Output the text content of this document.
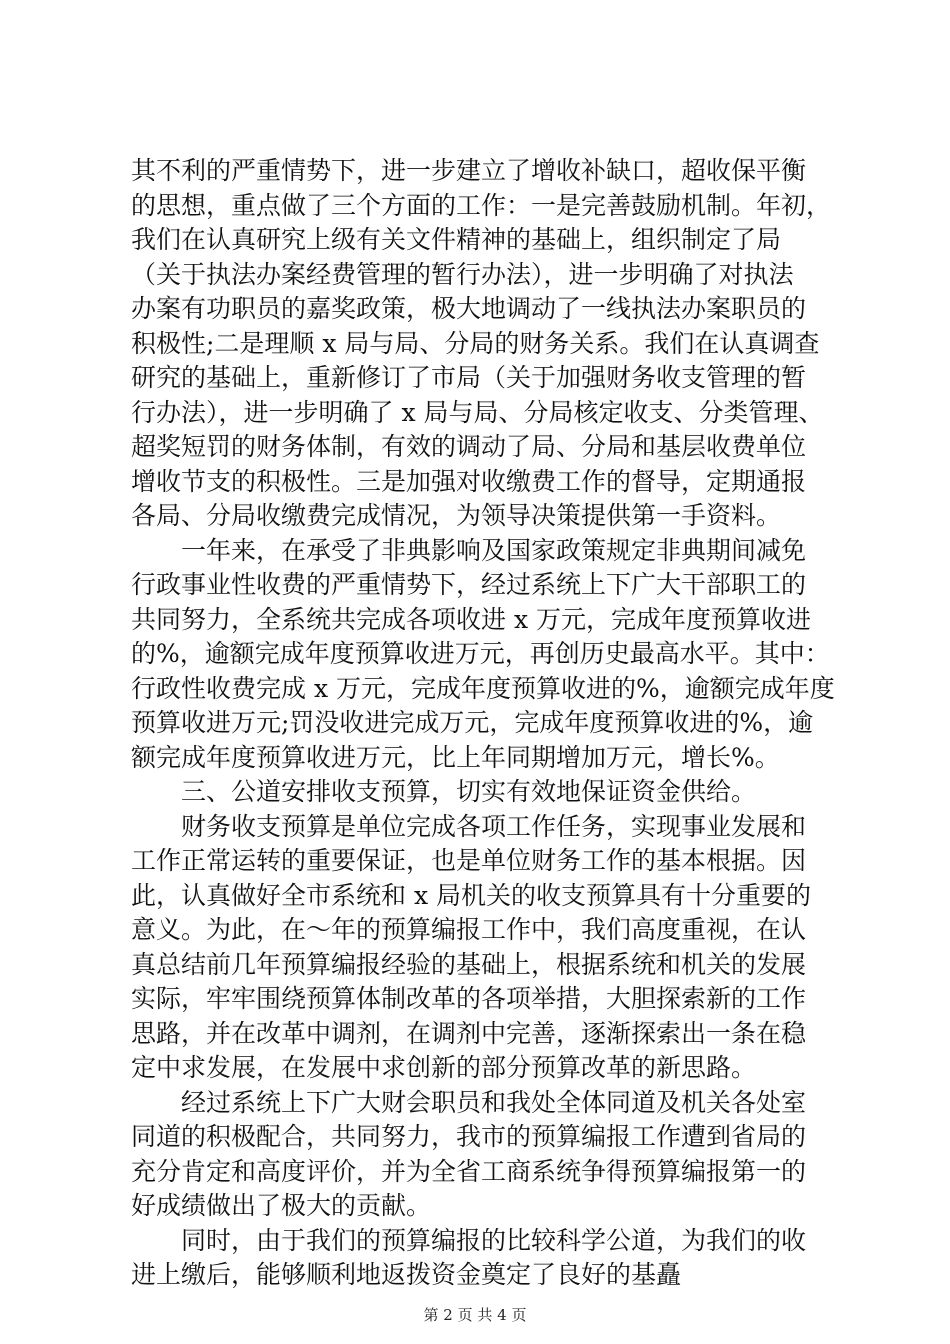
其不利的严重情势下，进一步建立了增收补缺口，超收保平衡
的思想，重点做了三个方面的工作：一是完善鼓励机制。年初，
我们在认真研究上级有关文件精神的基础上，组织制定了局
（关于执法办案经费管理的暂行办法），进一步明确了对执法
办案有功职员的嘉奖政策，极大地调动了一线执法办案职员的
积极性;二是理顺 x 局与局、分局的财务关系。我们在认真调查
研究的基础上，重新修订了市局（关于加强财务收支管理的暂
行办法），进一步明确了 x 局与局、分局核定收支、分类管理、
超奖短罚的财务体制，有效的调动了局、分局和基层收费单位
增收节支的积极性。三是加强对收缴费工作的督导，定期通报
各局、分局收缴费完成情况，为领导决策提供第一手资料。
一年来，在承受了非典影响及国家政策规定非典期间减免
行政事业性收费的严重情势下，经过系统上下广大干部职工的
共同努力，全系统共完成各项收进 x 万元，完成年度预算收进
的%，逾额完成年度预算收进万元，再创历史最高水平。其中：
行政性收费完成 x 万元，完成年度预算收进的%，逾额完成年度
预算收进万元;罚没收进完成万元，完成年度预算收进的%，逾
额完成年度预算收进万元，比上年同期增加万元，增长%。
三、公道安排收支预算，切实有效地保证资金供给。
财务收支预算是单位完成各项工作任务，实现事业发展和
工作正常运转的重要保证，也是单位财务工作的基本根据。因
此，认真做好全市系统和 x 局机关的收支预算具有十分重要的
意义。为此，在～年的预算编报工作中，我们高度重视，在认
真总结前几年预算编报经验的基础上，根据系统和机关的发展
实际，牢牢围绕预算体制改革的各项举措，大胆探索新的工作
思路，并在改革中调剂，在调剂中完善，逐渐探索出一条在稳
定中求发展，在发展中求创新的部分预算改革的新思路。
经过系统上下广大财会职员和我处全体同道及机关各处室
同道的积极配合，共同努力，我市的预算编报工作遭到省局的
充分肯定和高度评价，并为全省工商系统争得预算编报第一的
好成绩做出了极大的贡献。
同时，由于我们的预算编报的比较科学公道，为我们的收
进上缴后，能够顺利地返拨资金奠定了良好的基矗
第 2 页 共 4 页
